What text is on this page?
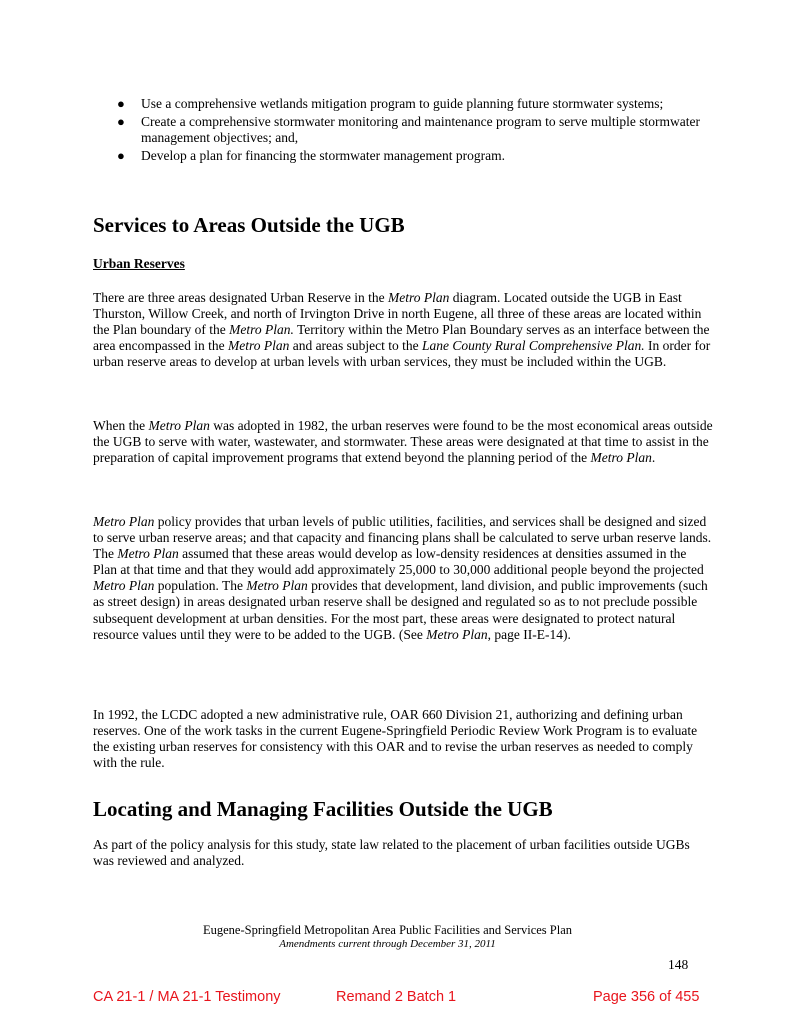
● Use a comprehensive wetlands mitigation program to guide planning future stormwater systems;
● Create a comprehensive stormwater monitoring and maintenance program to serve multiple stormwater management objectives; and,
● Develop a plan for financing the stormwater management program.
Services to Areas Outside the UGB
Urban Reserves

There are three areas designated Urban Reserve in the Metro Plan diagram. Located outside the UGB in East Thurston, Willow Creek, and north of Irvington Drive in north Eugene, all three of these areas are located within the Plan boundary of the Metro Plan. Territory within the Metro Plan Boundary serves as an interface between the area encompassed in the Metro Plan and areas subject to the Lane County Rural Comprehensive Plan. In order for urban reserve areas to develop at urban levels with urban services, they must be included within the UGB.

When the Metro Plan was adopted in 1982, the urban reserves were found to be the most economical areas outside the UGB to serve with water, wastewater, and stormwater. These areas were designated at that time to assist in the preparation of capital improvement programs that extend beyond the planning period of the Metro Plan.

Metro Plan policy provides that urban levels of public utilities, facilities, and services shall be designed and sized to serve urban reserve areas; and that capacity and financing plans shall be calculated to serve urban reserve lands. The Metro Plan assumed that these areas would develop as low-density residences at densities assumed in the Plan at that time and that they would add approximately 25,000 to 30,000 additional people beyond the projected Metro Plan population. The Metro Plan provides that development, land division, and public improvements (such as street design) in areas designated urban reserve shall be designed and regulated so as to not preclude possible subsequent development at urban densities. For the most part, these areas were designated to protect natural resource values until they were to be added to the UGB. (See Metro Plan, page II-E-14).

In 1992, the LCDC adopted a new administrative rule, OAR 660 Division 21, authorizing and defining urban reserves. One of the work tasks in the current Eugene-Springfield Periodic Review Work Program is to evaluate the existing urban reserves for consistency with this OAR and to revise the urban reserves as needed to comply with the rule.

Locating and Managing Facilities Outside the UGB

As part of the policy analysis for this study, state law related to the placement of urban facilities outside UGBs was reviewed and analyzed.

Eugene-Springfield Metropolitan Area Public Facilities and Services Plan
Amendments current through December 31, 2011
148
CA 21-1 / MA 21-1 Testimony	Remand 2 Batch 1	Page 356 of 455
